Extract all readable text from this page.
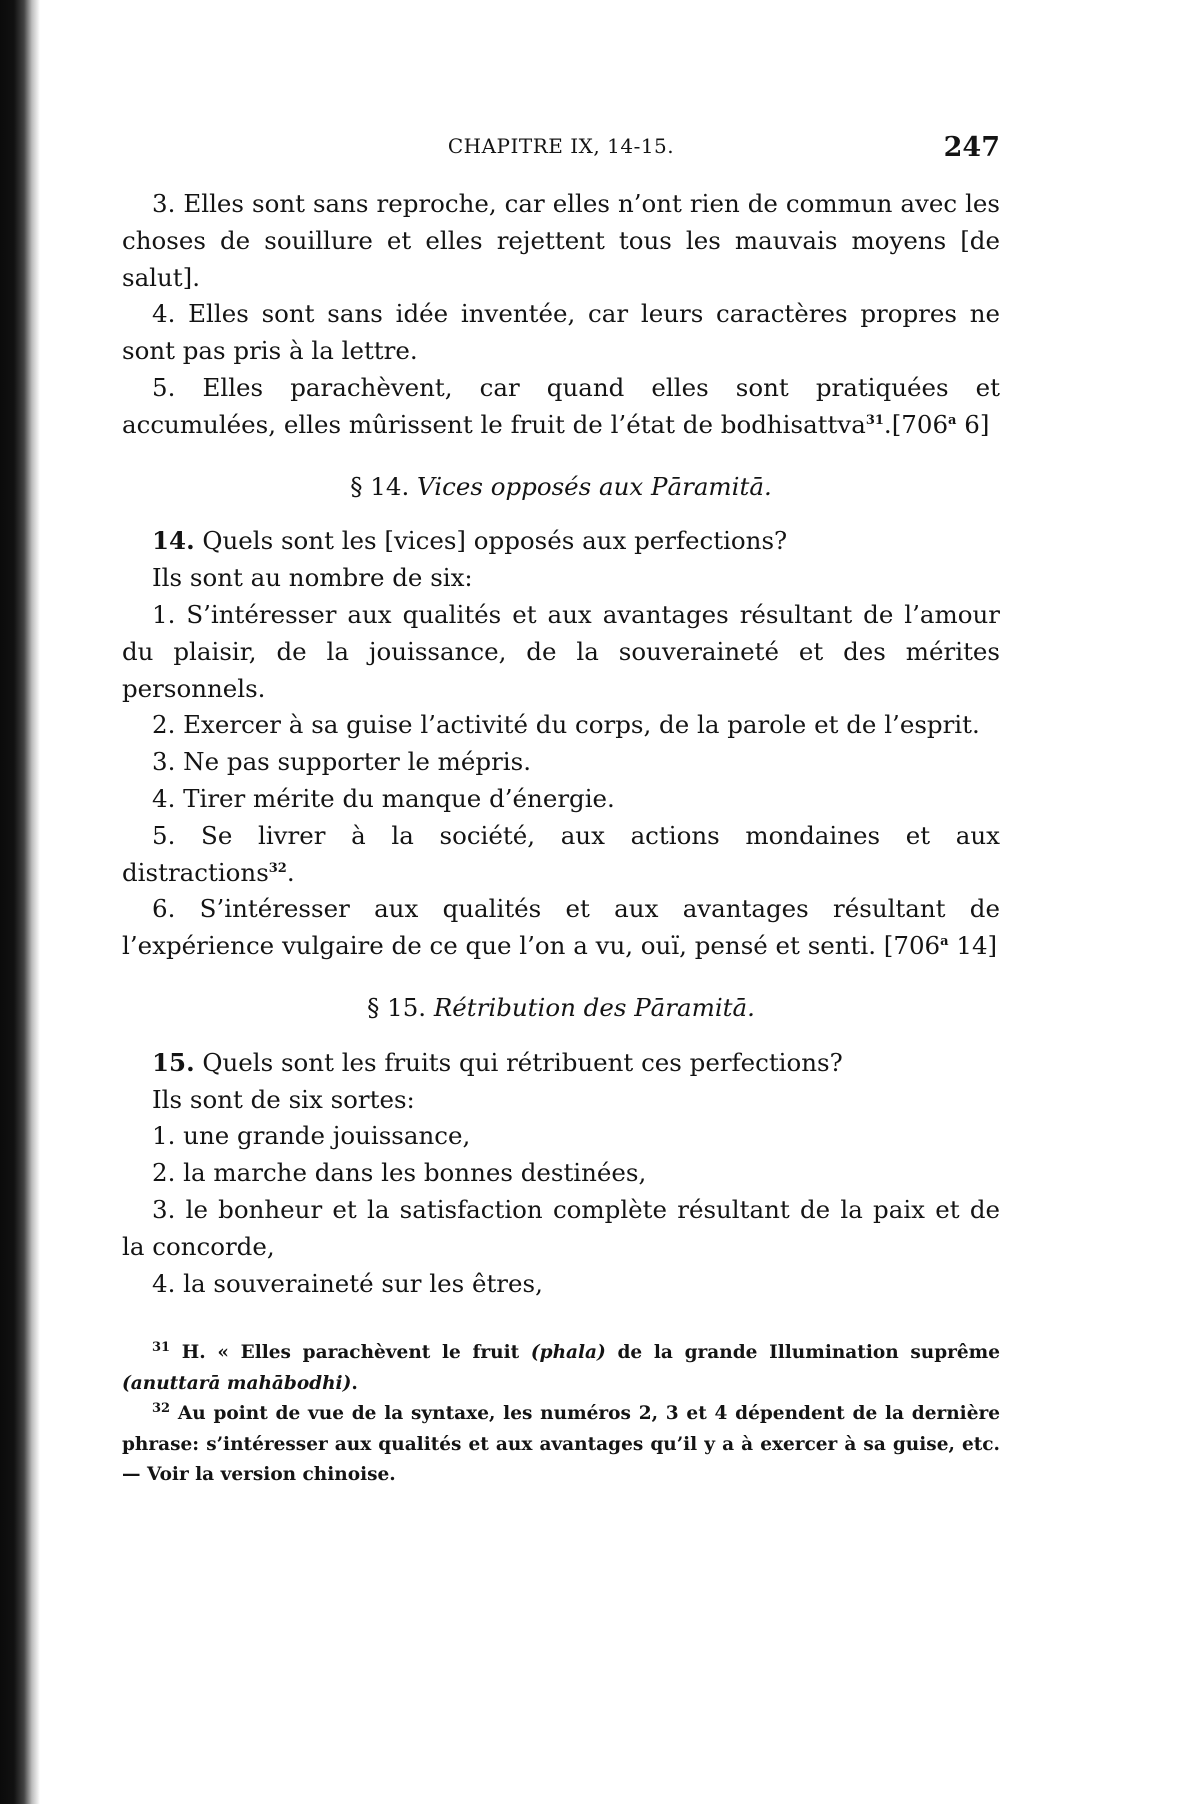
CHAPITRE IX, 14-15.	247

3. Elles sont sans reproche, car elles n’ont rien de commun avec les choses de souillure et elles rejettent tous les mauvais moyens [de salut].

4. Elles sont sans idée inventée, car leurs caractères propres ne sont pas pris à la lettre.

5. Elles parachèvent, car quand elles sont pratiquées et accumulées, elles mûrissent le fruit de l’état de bodhisattva$^{31}$.[706$^a$ 6]

§ 14. Vices opposés aux Pāramitā.

14. Quels sont les [vices] opposés aux perfections?

Ils sont au nombre de six:

1. S’intéresser aux qualités et aux avantages résultant de l’amour du plaisir, de la jouissance, de la souveraineté et des mérites personnels.

2. Exercer à sa guise l’activité du corps, de la parole et de l’esprit.

3. Ne pas supporter le mépris.

4. Tirer mérite du manque d’énergie.

5. Se livrer à la société, aux actions mondaines et aux distractions$^{32}$.

6. S’intéresser aux qualités et aux avantages résultant de l’expérience vulgaire de ce que l’on a vu, ouï, pensé et senti. [706$^a$ 14]

§ 15. Rétribution des Pāramitā.

15. Quels sont les fruits qui rétribuent ces perfections?

Ils sont de six sortes:

1. une grande jouissance,

2. la marche dans les bonnes destinées,

3. le bonheur et la satisfaction complète résultant de la paix et de la concorde,

4. la souveraineté sur les êtres,

$^{31}$ H. « Elles parachèvent le fruit (phala) de la grande Illumination suprême (anuttarā mahābodhi).

$^{32}$ Au point de vue de la syntaxe, les numéros 2, 3 et 4 dépendent de la dernière phrase: s’intéresser aux qualités et aux avantages qu’il y a à exercer à sa guise, etc. — Voir la version chinoise.
